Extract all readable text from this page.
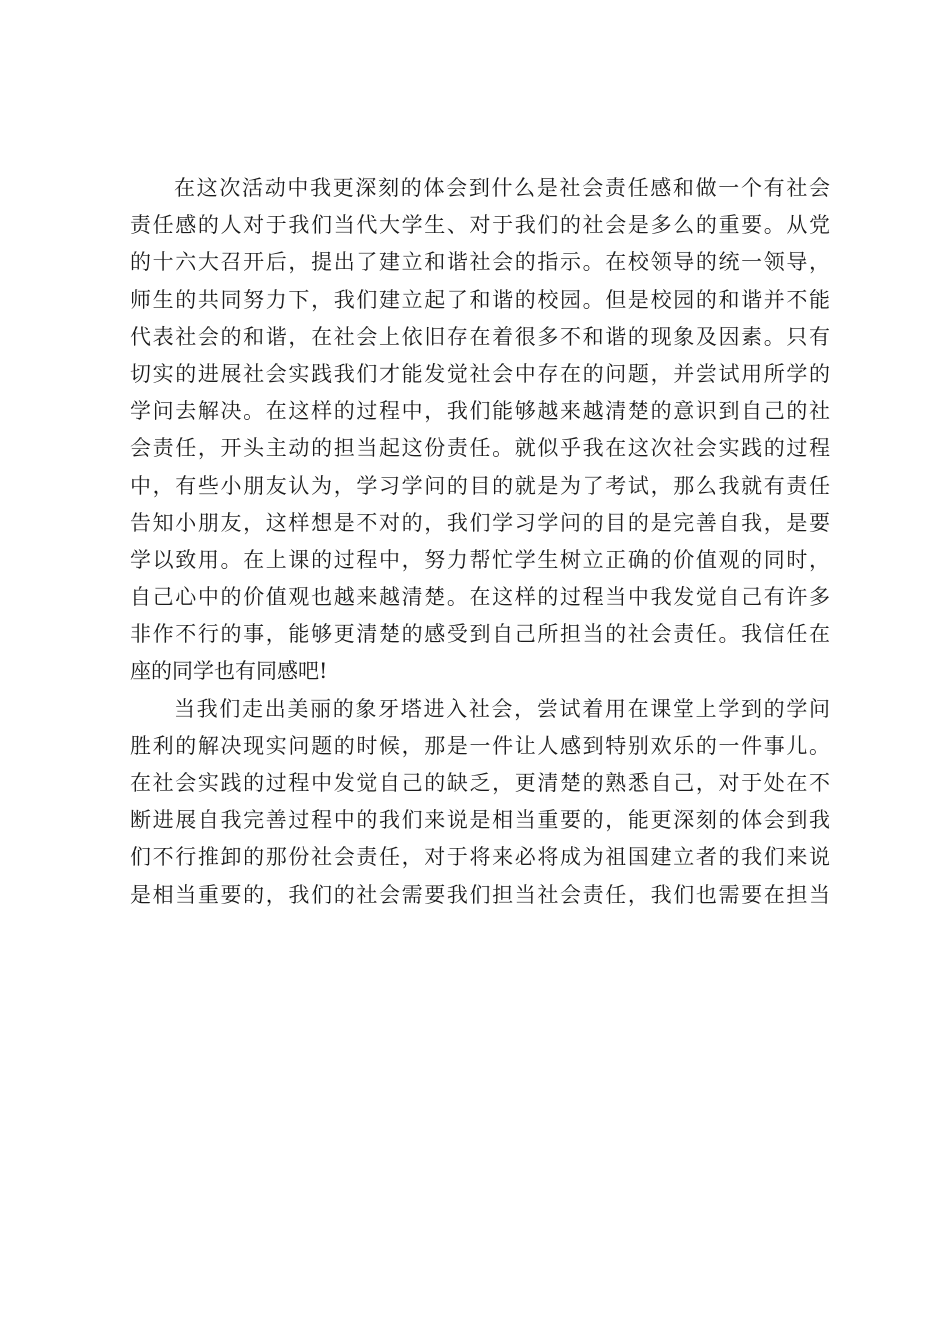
在这次活动中我更深刻的体会到什么是社会责任感和做一个有社会
责任感的人对于我们当代大学生、对于我们的社会是多么的重要。从党
的十六大召开后，提出了建立和谐社会的指示。在校领导的统一领导，
师生的共同努力下，我们建立起了和谐的校园。但是校园的和谐并不能
代表社会的和谐，在社会上依旧存在着很多不和谐的现象及因素。只有
切实的进展社会实践我们才能发觉社会中存在的问题，并尝试用所学的
学问去解决。在这样的过程中，我们能够越来越清楚的意识到自己的社
会责任，开头主动的担当起这份责任。就似乎我在这次社会实践的过程
中，有些小朋友认为，学习学问的目的就是为了考试，那么我就有责任
告知小朋友，这样想是不对的，我们学习学问的目的是完善自我，是要
学以致用。在上课的过程中，努力帮忙学生树立正确的价值观的同时，
自己心中的价值观也越来越清楚。在这样的过程当中我发觉自己有许多
非作不行的事，能够更清楚的感受到自己所担当的社会责任。我信任在
座的同学也有同感吧!
当我们走出美丽的象牙塔进入社会，尝试着用在课堂上学到的学问
胜利的解决现实问题的时候，那是一件让人感到特别欢乐的一件事儿。
在社会实践的过程中发觉自己的缺乏，更清楚的熟悉自己，对于处在不
断进展自我完善过程中的我们来说是相当重要的，能更深刻的体会到我
们不行推卸的那份社会责任，对于将来必将成为祖国建立者的我们来说
是相当重要的，我们的社会需要我们担当社会责任，我们也需要在担当
